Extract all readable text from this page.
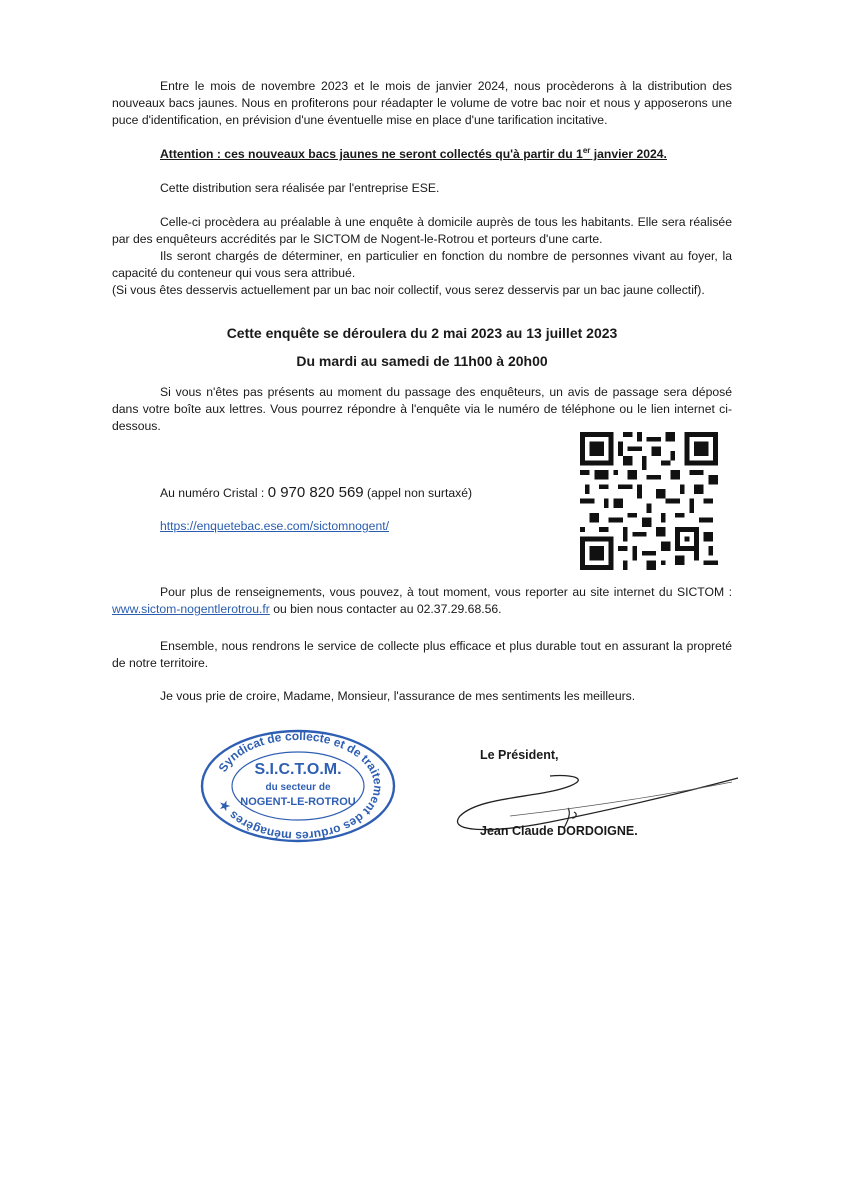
Entre le mois de novembre 2023 et le mois de janvier 2024, nous procèderons à la distribution des nouveaux bacs jaunes. Nous en profiterons pour réadapter le volume de votre bac noir et nous y apposerons une puce d'identification, en prévision d'une éventuelle mise en place d'une tarification incitative.

Attention : ces nouveaux bacs jaunes ne seront collectés qu'à partir du 1er janvier 2024.

Cette distribution sera réalisée par l'entreprise ESE.

Celle-ci procèdera au préalable à une enquête à domicile auprès de tous les habitants. Elle sera réalisée par des enquêteurs accrédités par le SICTOM de Nogent-le-Rotrou et porteurs d'une carte.

Ils seront chargés de déterminer, en particulier en fonction du nombre de personnes vivant au foyer, la capacité du conteneur qui vous sera attribué.

(Si vous êtes desservis actuellement par un bac noir collectif, vous serez desservis par un bac jaune collectif).

Cette enquête se déroulera du 2 mai 2023 au 13 juillet 2023

Du mardi au samedi de 11h00 à 20h00

Si vous n'êtes pas présents au moment du passage des enquêteurs, un avis de passage sera déposé dans votre boîte aux lettres. Vous pourrez répondre à l'enquête via le numéro de téléphone ou le lien internet ci-dessous.

Au numéro Cristal : 0 970 820 569 (appel non surtaxé)

https://enquetebac.ese.com/sictomnogent/

Pour plus de renseignements, vous pouvez, à tout moment, vous reporter au site internet du SICTOM : www.sictom-nogentlerotrou.fr ou bien nous contacter au 02.37.29.68.56.

Ensemble, nous rendrons le service de collecte plus efficace et plus durable tout en assurant la propreté de notre territoire.

Je vous prie de croire, Madame, Monsieur, l'assurance de mes sentiments les meilleurs.

Syndicat de collecte et de traitement des ordures ménagères ★
S.I.C.T.O.M.
du secteur de
NOGENT-LE-ROTROU
Le Président,
Jean Claude DORDOIGNE.
